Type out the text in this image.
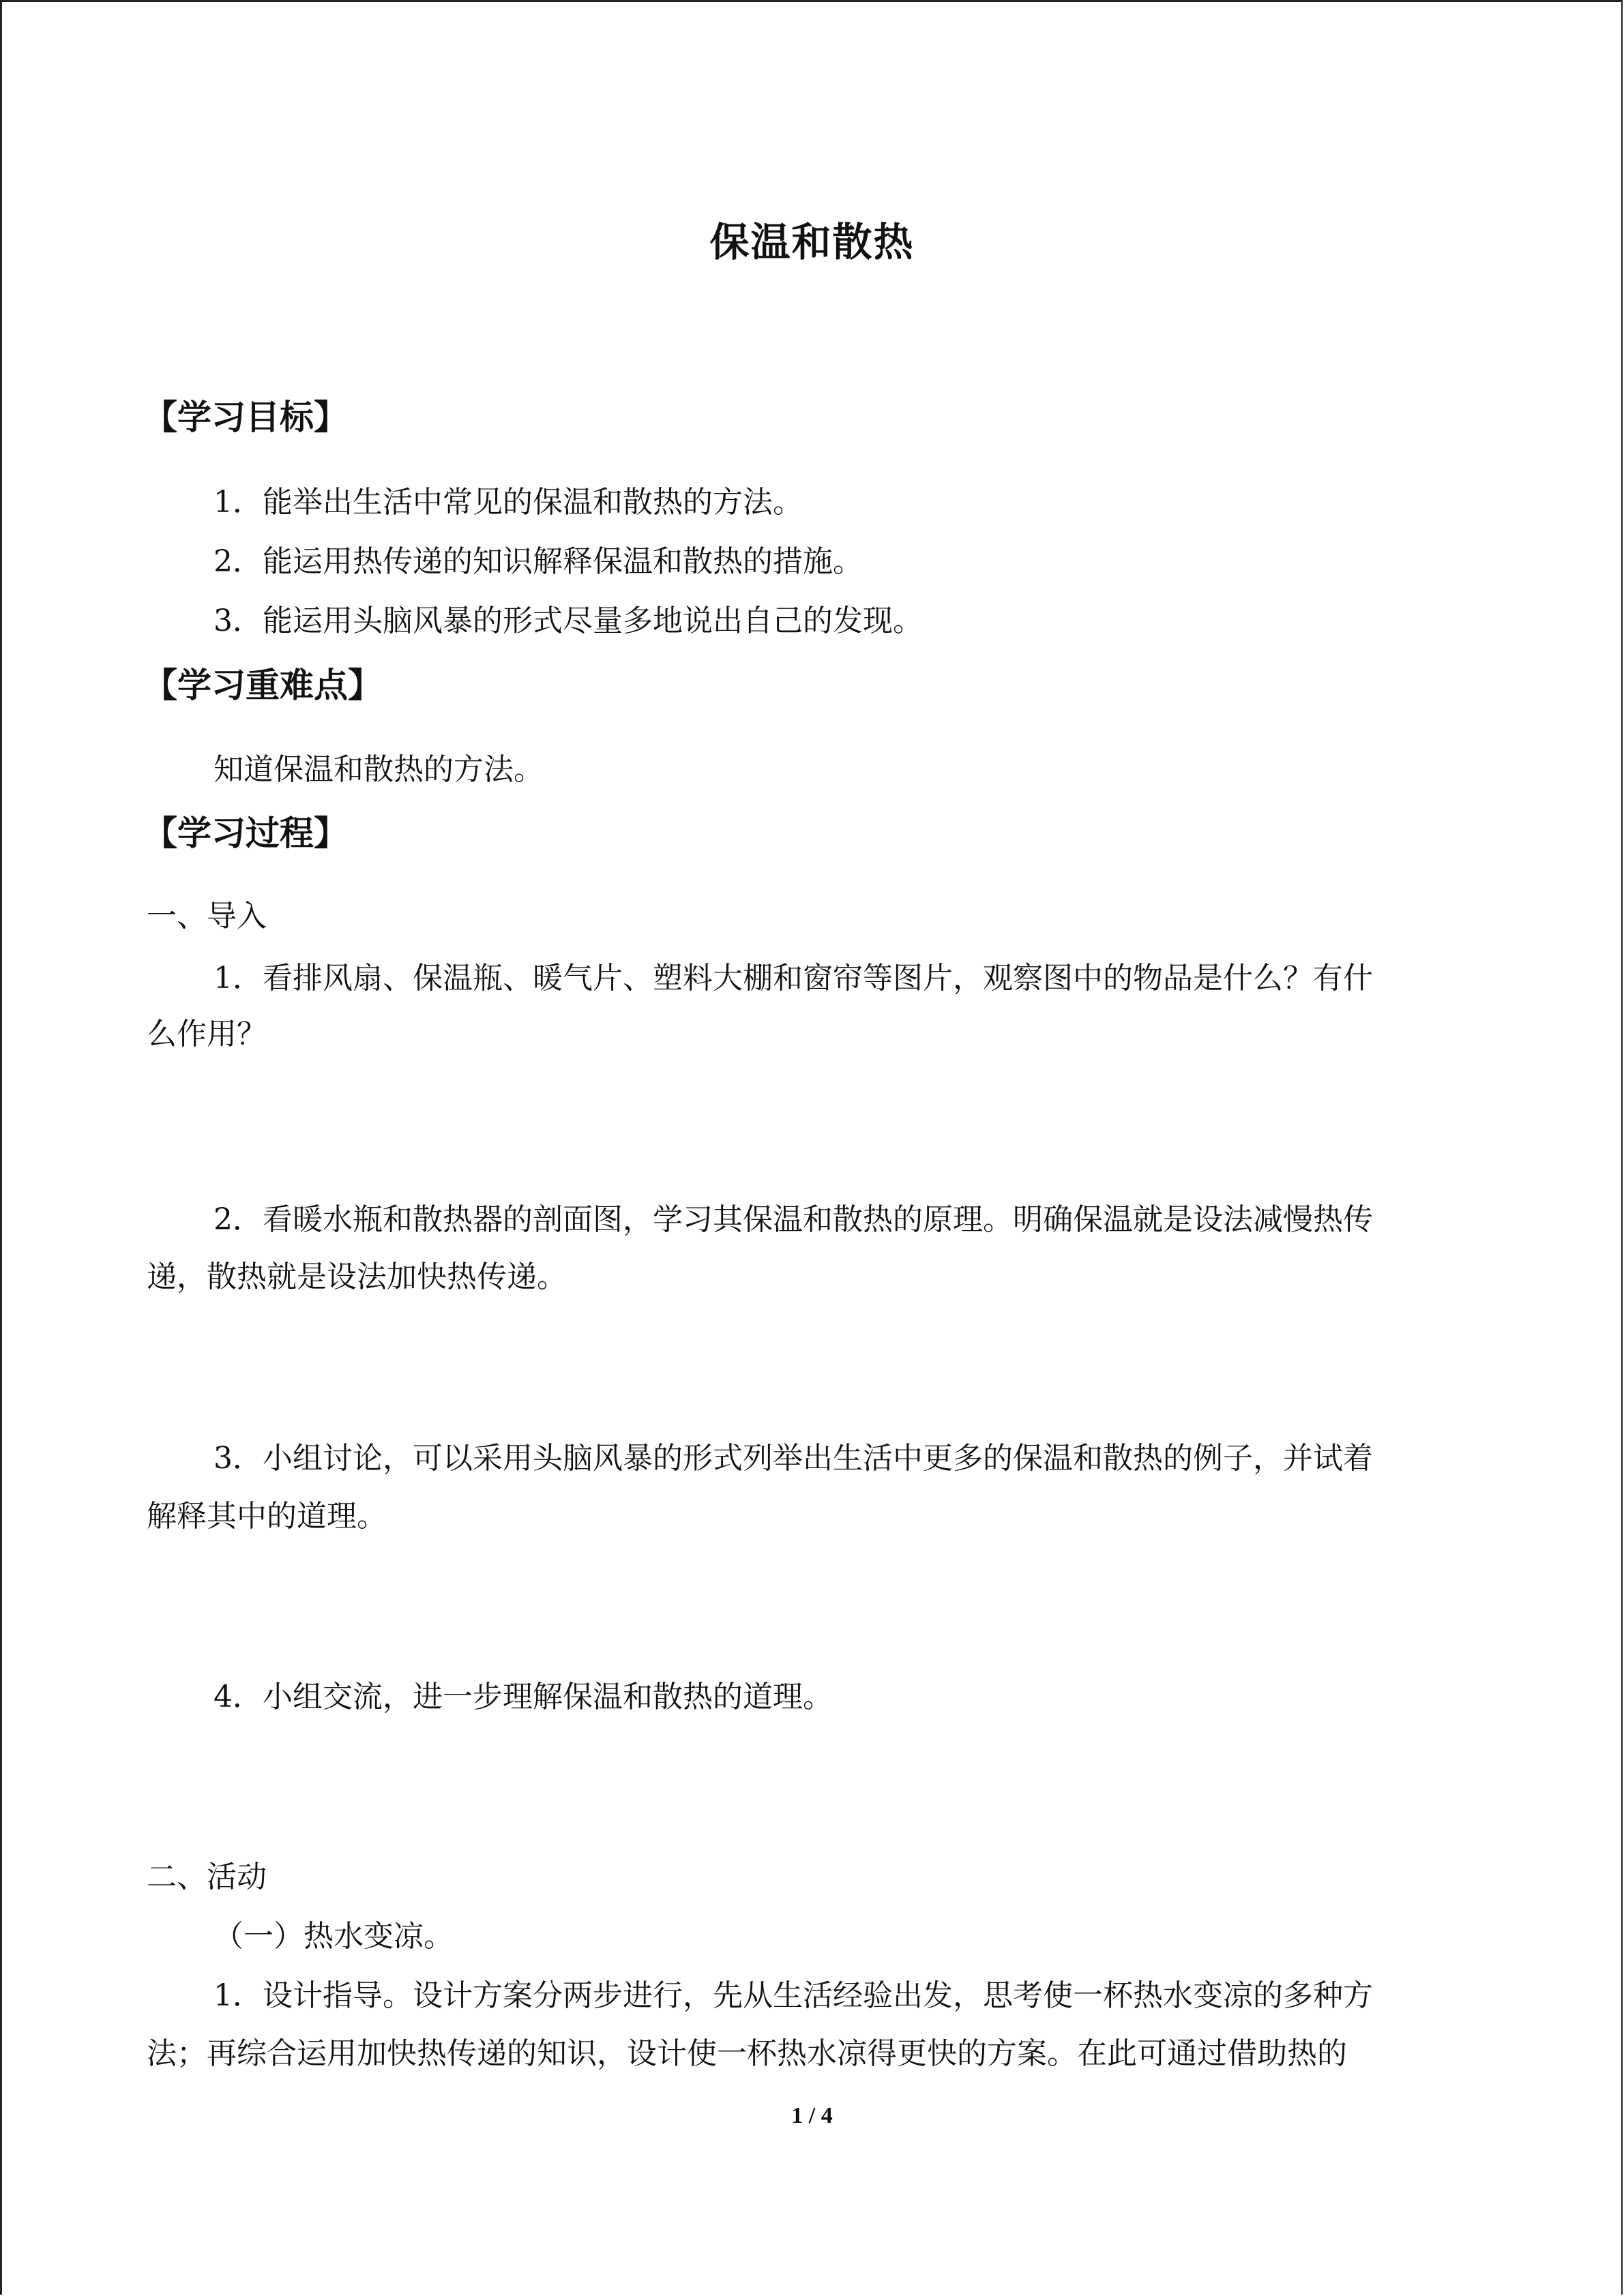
保温和散热
【学习目标】
1．能举出生活中常见的保温和散热的方法。
2．能运用热传递的知识解释保温和散热的措施。
3．能运用头脑风暴的形式尽量多地说出自己的发现。
【学习重难点】
知道保温和散热的方法。
【学习过程】
一、导入
1．看排风扇、保温瓶、暖气片、塑料大棚和窗帘等图片，观察图中的物品是什么？有什
么作用？
2．看暖水瓶和散热器的剖面图，学习其保温和散热的原理。明确保温就是设法减慢热传
递，散热就是设法加快热传递。
3．小组讨论，可以采用头脑风暴的形式列举出生活中更多的保温和散热的例子，并试着
解释其中的道理。
4．小组交流，进一步理解保温和散热的道理。
二、活动
（一）热水变凉。
1．设计指导。设计方案分两步进行，先从生活经验出发，思考使一杯热水变凉的多种方
法；再综合运用加快热传递的知识，设计使一杯热水凉得更快的方案。在此可通过借助热的
1 / 4
